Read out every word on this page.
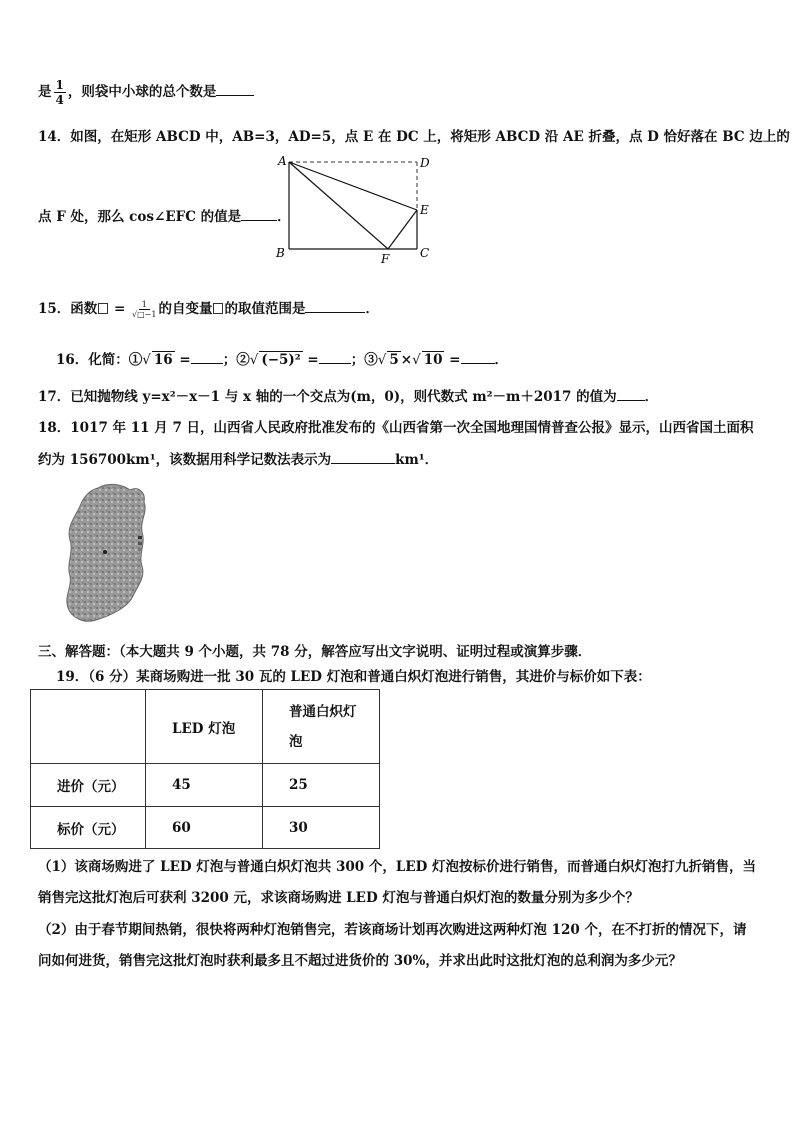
是 $\frac{1}{4}$ ，则袋中小球的总个数是
14．如图，在矩形 ABCD 中，AB=3，AD=5，点 E 在 DC 上，将矩形 ABCD 沿 AE 折叠，点 D 恰好落在 BC 边上的
点 F 处，那么 cos∠EFC 的值是	．
A	D
E
B	C
F
15．函数 = $\frac{1}{√□-1}$ 的自变量 的取值范围是	．
16．化简：①√ 16 = ；②√ (−5)² = ；③√ 5 ×√ 10 =	．
17．已知抛物线 y=x²－x－1 与 x 轴的一个交点为(m，0)，则代数式 m²－m＋2017 的值为 ．
18．1017 年 11 月 7 日，山西省人民政府批准发布的《山西省第一次全国地理国情普查公报》显示，山西省国土面积
约为 156700km¹，该数据用科学记数法表示为	km¹．
三、解答题：（本大题共 9 个小题，共 78 分，解答应写出文字说明、证明过程或演算步骤．
19．（6 分）某商场购进一批 30 瓦的 LED 灯泡和普通白炽灯泡进行销售，其进价与标价如下表：
	LED 灯泡	普通白炽灯
泡
进价（元）	45	25
标价（元）	60	30
（1）该商场购进了 LED 灯泡与普通白炽灯泡共 300 个，LED 灯泡按标价进行销售，而普通白炽灯泡打九折销售，当
销售完这批灯泡后可获利 3200 元，求该商场购进 LED 灯泡与普通白炽灯泡的数量分别为多少个？
（2）由于春节期间热销，很快将两种灯泡销售完，若该商场计划再次购进这两种灯泡 120 个，在不打折的情况下，请
问如何进货，销售完这批灯泡时获利最多且不超过进货价的 30%，并求出此时这批灯泡的总利润为多少元？
